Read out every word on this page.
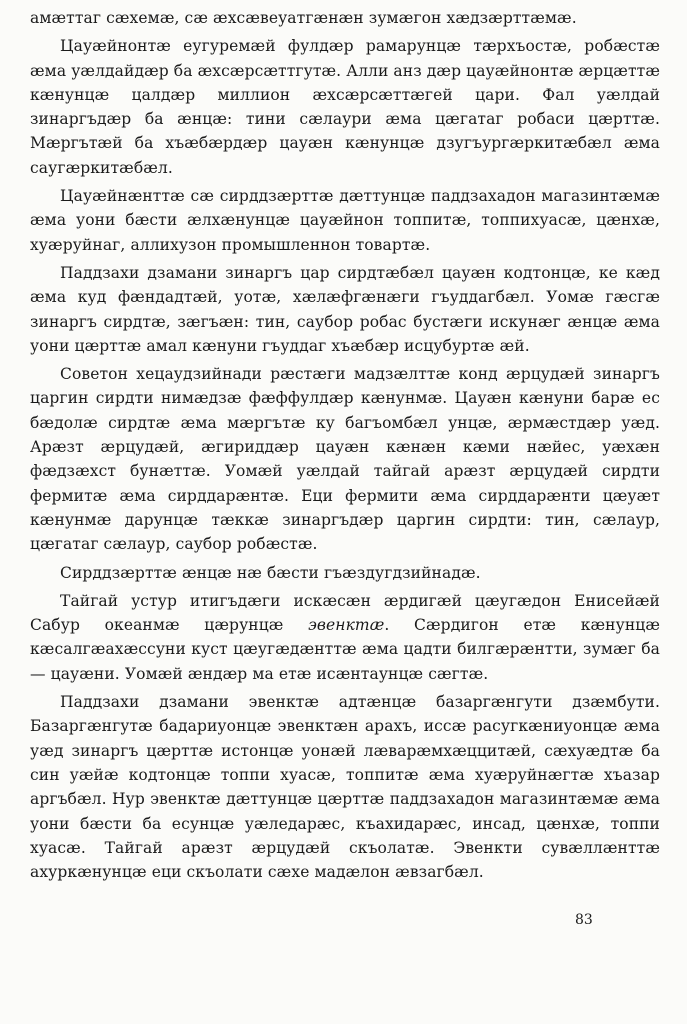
амæттаг сæхемæ, сæ æхсæвеуатгæнæн зумæгон хæдзæрттæмæ.

Цауæйнонтæ еугуремæй фулдæр рамарунцæ тæрхъостæ, робæстæ æма уæлдайдæр ба æхсæрсæттгутæ. Алли анз дæр цауæйнонтæ æрцæттæ кæнунцæ цалдæр миллион æхсæрсæттæгей цари. Фал уæлдай зинаргъдæр ба æнцæ: тини сæлаури æма цæгатаг робаси цæрттæ. Мæргътæй ба хъæбæрдæр цауæн кæнунцæ дзугъургæркитæбæл æма саугæркитæбæл.

Цауæйнæнттæ сæ сирддзæрттæ дæттунцæ паддзахадон магазинтæмæ æма уони бæсти æлхæнунцæ цауæйнон топпитæ, топпихуасæ, цæнхæ, хуæруйнаг, аллихузон промышленнон товартæ.

Паддзахи дзамани зинаргъ цар сирдтæбæл цауæн кодтонцæ, ке кæд æма куд фæндадтæй, уотæ, хæлæфгæнæги гъуддагбæл. Уомæ гæсгæ зинаргъ сирдтæ, зæгъæн: тин, саубор робас бустæги искунæг æнцæ æма уони цæрттæ амал кæнуни гъуддаг хъæбæр исцубуртæ æй.

Советон хецаудзийнади рæстæги мадзæлттæ конд æрцудæй зинаргъ царгин сирдти нимæдзæ фæффулдæр кæнунмæ. Цауæн кæнуни барæ ес бæдолæ сирдтæ æма мæргътæ ку багъомбæл унцæ, æрмæстдæр уæд. Арæзт æрцудæй, æгириддæр цауæн кæнæн кæми нæйес, уæхæн фæдзæхст бунæттæ. Уомæй уæлдай тайгай арæзт æрцудæй сирдти фермитæ æма сирддарæнтæ. Еци фермити æма сирддарæнти цæуæт кæнунмæ дарунцæ тæккæ зинаргъдæр царгин сирдти: тин, сæлаур, цæгатаг сæлаур, саубор робæстæ.

Сирддзæрттæ æнцæ нæ бæсти гъæздугдзийнадæ.

Тайгай устур итигъдæги искæсæн æрдигæй цæугæдон Енисейæй Сабур океанмæ цæрунцæ эвенктæ. Сæрдигон етæ кæнунцæ кæсалгæахæссуни куст цæугæдæнттæ æма цадти билгæрæнтти, зумæг ба — цауæни. Уомæй æндæр ма етæ исæнтаунцæ сæгтæ.

Паддзахи дзамани эвенктæ адтæнцæ базаргæнгути дзæмбути. Базаргæнгутæ бадариуонцæ эвенктæн арахъ, иссæ расугкæниуонцæ æма уæд зинаргъ цæрттæ истонцæ уонæй лæварæмхæццитæй, сæхуæдтæ ба син уæйæ кодтонцæ топпи хуасæ, топпитæ æма хуæруйнæгтæ хъазар аргъбæл. Нур эвенктæ дæттунцæ цæрттæ паддзахадон магазинтæмæ æма уони бæсти ба есунцæ уæледарæс, къахидарæс, инсад, цæнхæ, топпи хуасæ. Тайгай арæзт æрцудæй скъолатæ. Эвенкти сувæллæнттæ ахуркæнунцæ еци скъолати сæхе мадæлон æвзагбæл.

83
